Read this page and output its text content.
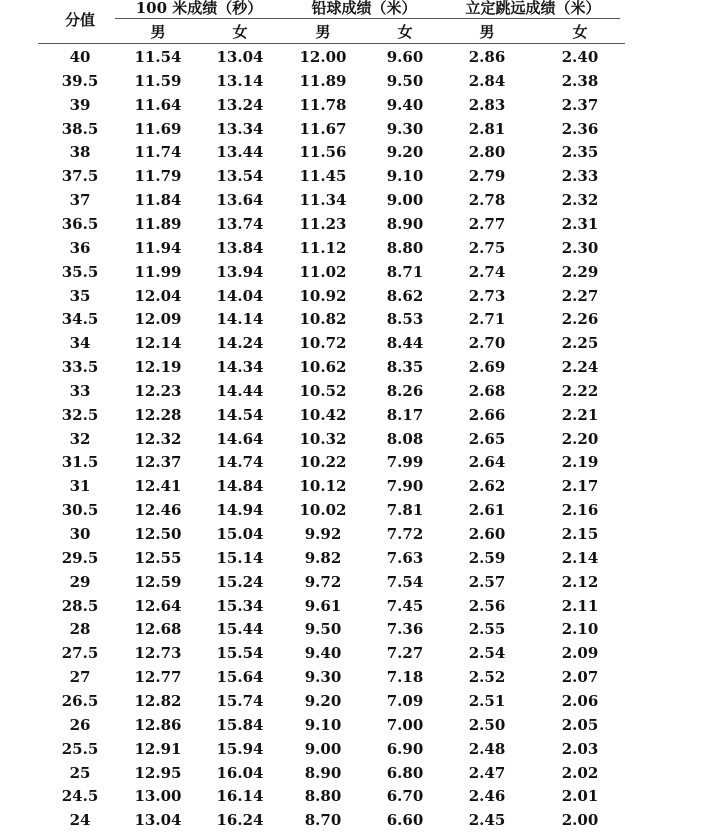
分值
100 米成绩（秒）	铅球成绩（米）	立定跳远成绩（米）
男	女	男	女	男	女
40	11.54	13.04	12.00	9.60	2.86	2.40
39.5	11.59	13.14	11.89	9.50	2.84	2.38
39	11.64	13.24	11.78	9.40	2.83	2.37
38.5	11.69	13.34	11.67	9.30	2.81	2.36
38	11.74	13.44	11.56	9.20	2.80	2.35
37.5	11.79	13.54	11.45	9.10	2.79	2.33
37	11.84	13.64	11.34	9.00	2.78	2.32
36.5	11.89	13.74	11.23	8.90	2.77	2.31
36	11.94	13.84	11.12	8.80	2.75	2.30
35.5	11.99	13.94	11.02	8.71	2.74	2.29
35	12.04	14.04	10.92	8.62	2.73	2.27
34.5	12.09	14.14	10.82	8.53	2.71	2.26
34	12.14	14.24	10.72	8.44	2.70	2.25
33.5	12.19	14.34	10.62	8.35	2.69	2.24
33	12.23	14.44	10.52	8.26	2.68	2.22
32.5	12.28	14.54	10.42	8.17	2.66	2.21
32	12.32	14.64	10.32	8.08	2.65	2.20
31.5	12.37	14.74	10.22	7.99	2.64	2.19
31	12.41	14.84	10.12	7.90	2.62	2.17
30.5	12.46	14.94	10.02	7.81	2.61	2.16
30	12.50	15.04	9.92	7.72	2.60	2.15
29.5	12.55	15.14	9.82	7.63	2.59	2.14
29	12.59	15.24	9.72	7.54	2.57	2.12
28.5	12.64	15.34	9.61	7.45	2.56	2.11
28	12.68	15.44	9.50	7.36	2.55	2.10
27.5	12.73	15.54	9.40	7.27	2.54	2.09
27	12.77	15.64	9.30	7.18	2.52	2.07
26.5	12.82	15.74	9.20	7.09	2.51	2.06
26	12.86	15.84	9.10	7.00	2.50	2.05
25.5	12.91	15.94	9.00	6.90	2.48	2.03
25	12.95	16.04	8.90	6.80	2.47	2.02
24.5	13.00	16.14	8.80	6.70	2.46	2.01
24	13.04	16.24	8.70	6.60	2.45	2.00
